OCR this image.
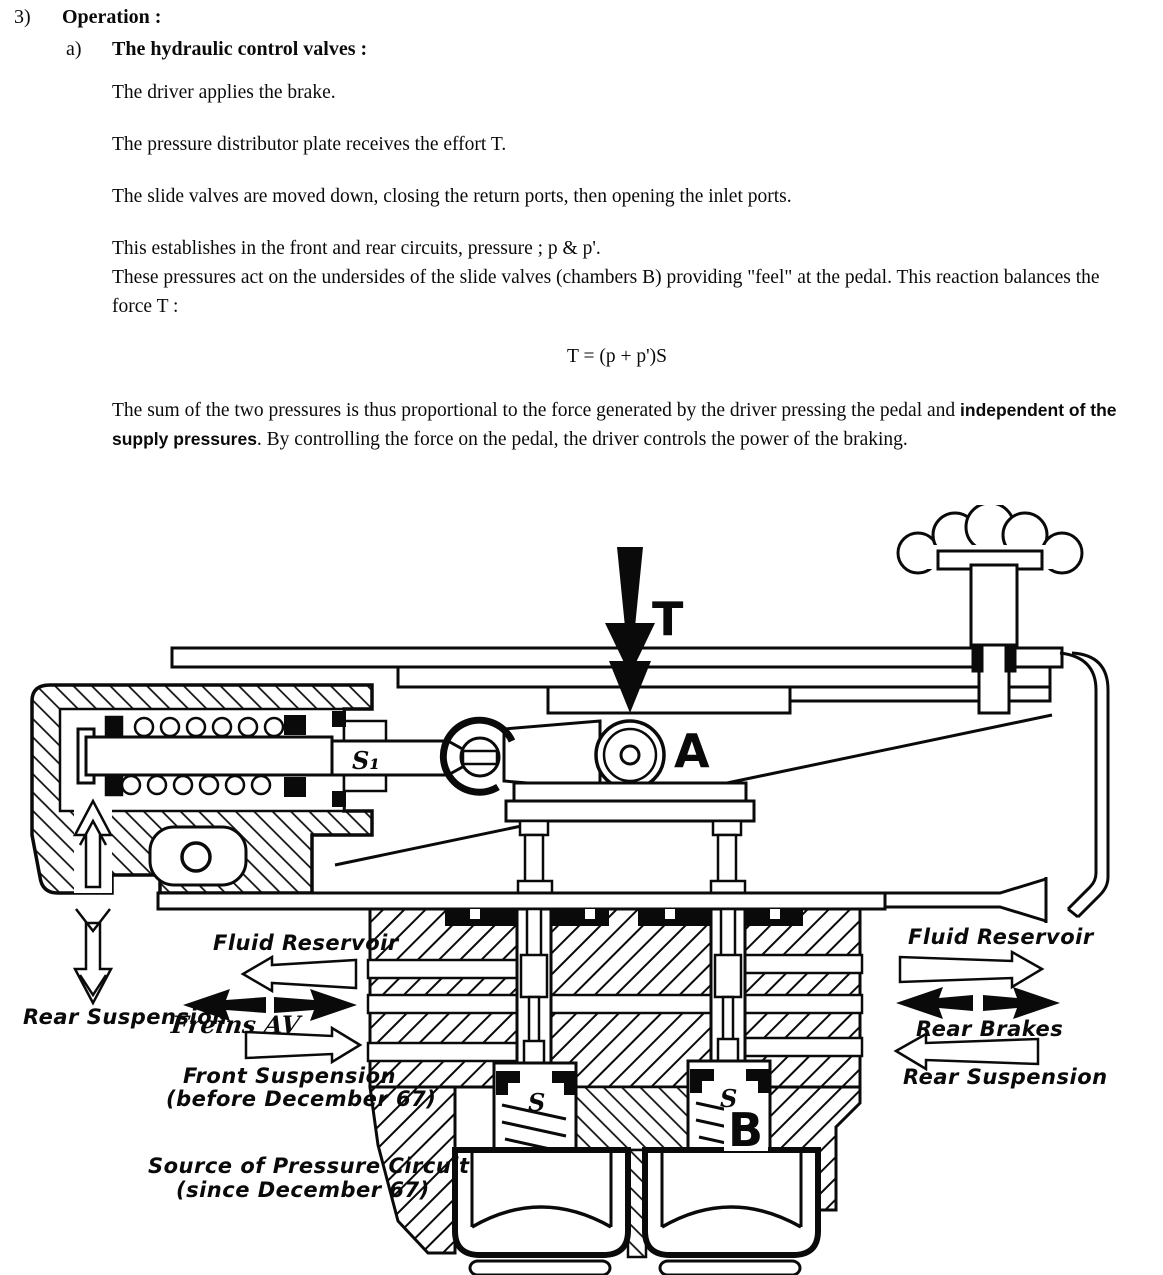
3) Operation :
a) The hydraulic control valves :

The driver applies the brake.

The pressure distributor plate receives the effort T.

The slide valves are moved down, closing the return ports, then opening the inlet ports.

This establishes in the front and rear circuits, pressure ; p & p'.

These pressures act on the undersides of the slide valves (chambers B) providing "feel" at the pedal. This reaction balances the force T :

T = (p + p')S

The sum of the two pressures is thus proportional to the force generated by the driver pressing the pedal and independent of the supply pressures. By controlling the force on the pedal, the driver controls the power of the braking.

T
A
S₁
B
S	S
Fluid Reservoir
Freins AV
Rear Suspension
Front Suspension
(before December 67)
Source of Pressure Circuit
(since December 67)
Fluid Reservoir
Rear Brakes
Rear Suspension
